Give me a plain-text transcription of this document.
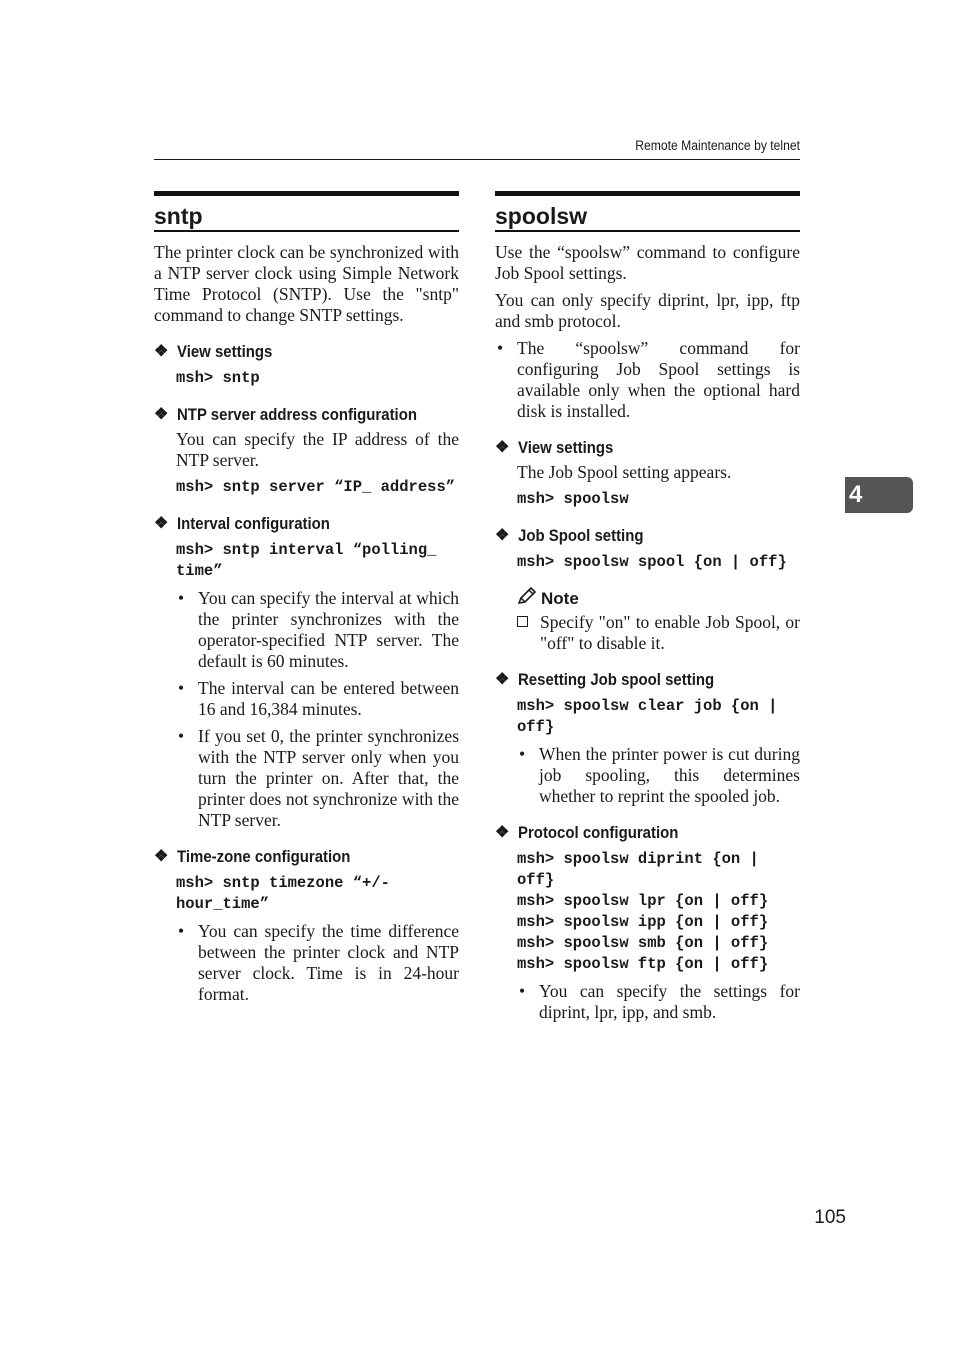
Remote Maintenance by telnet
sntp

The printer clock can be synchronized with a NTP server clock using Simple Network Time Protocol (SNTP). Use the "sntp" command to change SNTP settings.

❖ View settings
msh> sntp
❖ NTP server address configuration

You can specify the IP address of the NTP server.

msh> sntp server “IP_ address”
❖ Interval configuration
msh> sntp interval “polling_ time”
• You can specify the interval at which the printer synchronizes with the operator-specified NTP server. The default is 60 minutes.
• The interval can be entered between 16 and 16,384 minutes.
• If you set 0, the printer synchronizes with the NTP server only when you turn the printer on. After that, the printer does not synchronize with the NTP server.
❖ Time-zone configuration
msh> sntp timezone “+/- hour_time”
• You can specify the time difference between the printer clock and NTP server clock. Time is in 24-hour format.
spoolsw

Use the “spoolsw” command to configure Job Spool settings.

You can only specify diprint, lpr, ipp, ftp and smb protocol.

• The “spoolsw” command for configuring Job Spool settings is available only when the optional hard disk is installed.
❖ View settings

The Job Spool setting appears.

msh> spoolsw
❖ Job Spool setting
msh> spoolsw spool {on | off}
Note
Specify "on" to enable Job Spool, or "off" to disable it.
❖ Resetting Job spool setting
msh> spoolsw clear job {on | off}
• When the printer power is cut during job spooling, this determines whether to reprint the spooled job.
❖ Protocol configuration
msh> spoolsw diprint {on | off}
msh> spoolsw lpr {on | off}
msh> spoolsw ipp {on | off}
msh> spoolsw smb {on | off}
msh> spoolsw ftp {on | off}
• You can specify the settings for diprint, lpr, ipp, and smb.
4
105
